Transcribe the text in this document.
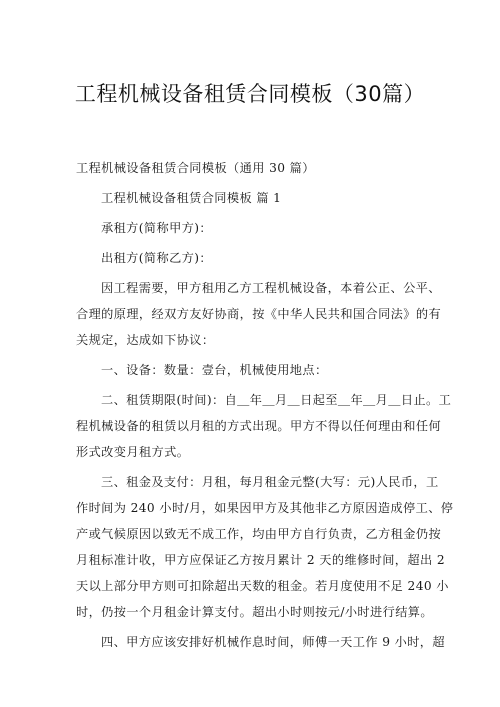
工程机械设备租赁合同模板（30篇）
工程机械设备租赁合同模板（通用 30 篇）
工程机械设备租赁合同模板 篇 1
承租方(简称甲方)：
出租方(简称乙方)：
因工程需要，甲方租用乙方工程机械设备，本着公正、公平、
合理的原理，经双方友好协商，按《中华人民共和国合同法》的有
关规定，达成如下协议：
一、设备：数量：壹台，机械使用地点：
二、租赁期限(时间)：自＿年＿月＿日起至＿年＿月＿日止。工
程机械设备的租赁以月租的方式出现。甲方不得以任何理由和任何
形式改变月租方式。
三、租金及支付：月租，每月租金元整(大写：元)人民币，工
作时间为 240 小时/月，如果因甲方及其他非乙方原因造成停工、停
产或气候原因以致无不成工作，均由甲方自行负责，乙方租金仍按
月租标准计收，甲方应保证乙方按月累计 2 天的维修时间，超出 2
天以上部分甲方则可扣除超出天数的租金。若月度使用不足 240 小
时，仍按一个月租金计算支付。超出小时则按元/小时进行结算。
四、甲方应该安排好机械作息时间，师傅一天工作 9 小时，超
